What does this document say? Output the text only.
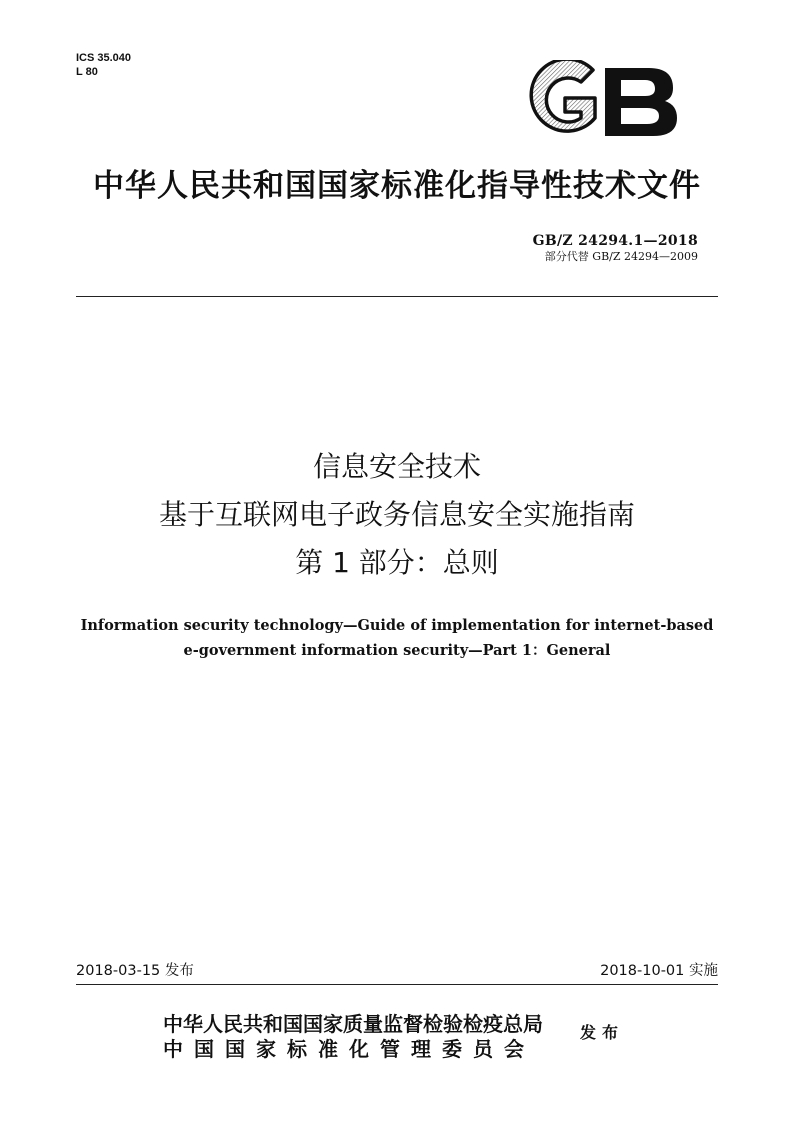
ICS 35.040
L 80
中华人民共和国国家标准化指导性技术文件
GB/Z 24294.1—2018
部分代替 GB/Z 24294—2009
信息安全技术
基于互联网电子政务信息安全实施指南
第 1 部分：总则
Information security technology—Guide of implementation for internet-based
e-government information security—Part 1：General
2018-03-15 发布	2018-10-01 实施
中华人民共和国国家质量监督检验检疫总局
中国国家标准化管理委员会
发布
